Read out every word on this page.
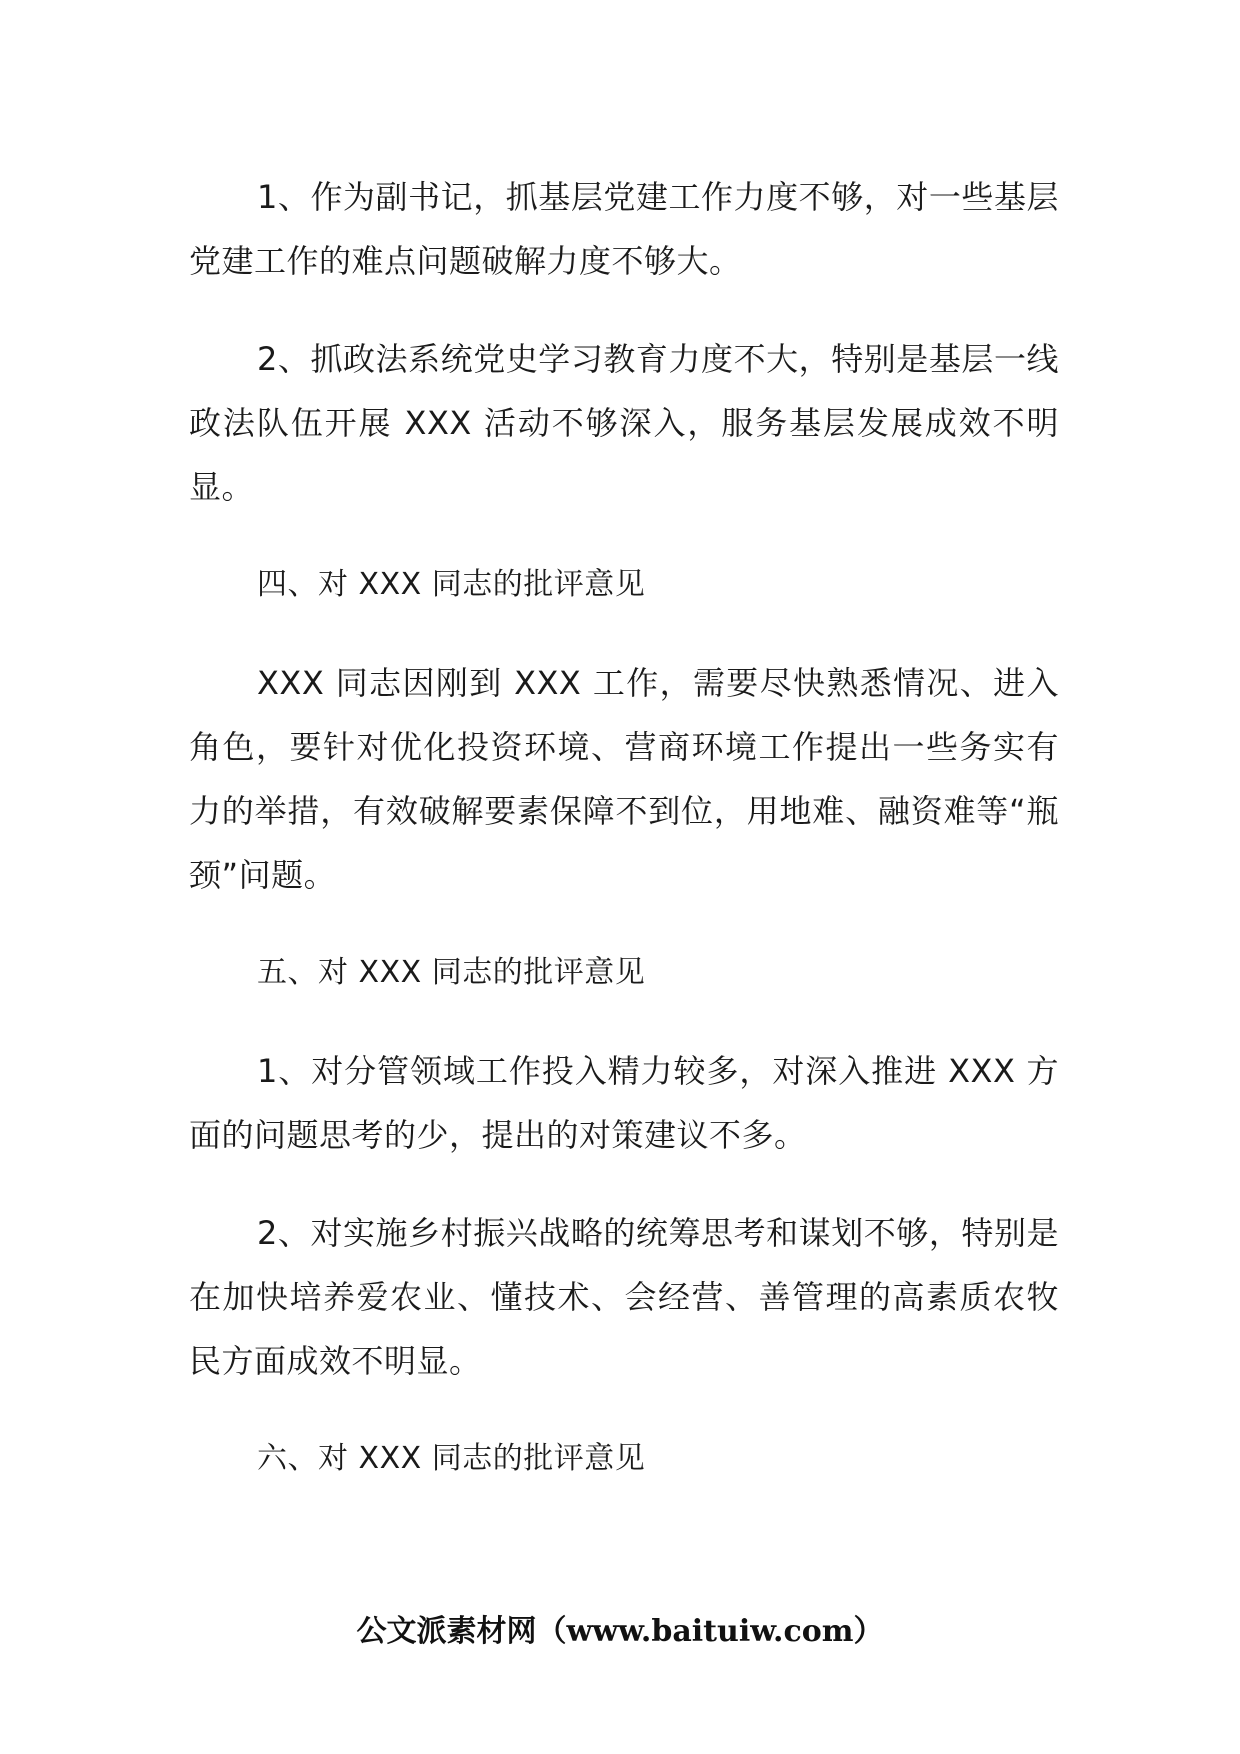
1、作为副书记，抓基层党建工作力度不够，对一些基层党建工作的难点问题破解力度不够大。

2、抓政法系统党史学习教育力度不大，特别是基层一线政法队伍开展 XXX 活动不够深入，服务基层发展成效不明显。

四、对 XXX 同志的批评意见

XXX 同志因刚到 XXX 工作，需要尽快熟悉情况、进入角色，要针对优化投资环境、营商环境工作提出一些务实有力的举措，有效破解要素保障不到位，用地难、融资难等“瓶颈”问题。

五、对 XXX 同志的批评意见

1、对分管领域工作投入精力较多，对深入推进 XXX 方面的问题思考的少，提出的对策建议不多。

2、对实施乡村振兴战略的统筹思考和谋划不够，特别是在加快培养爱农业、懂技术、会经营、善管理的高素质农牧民方面成效不明显。

六、对 XXX 同志的批评意见

公文派素材网（www.baituiw.com）
